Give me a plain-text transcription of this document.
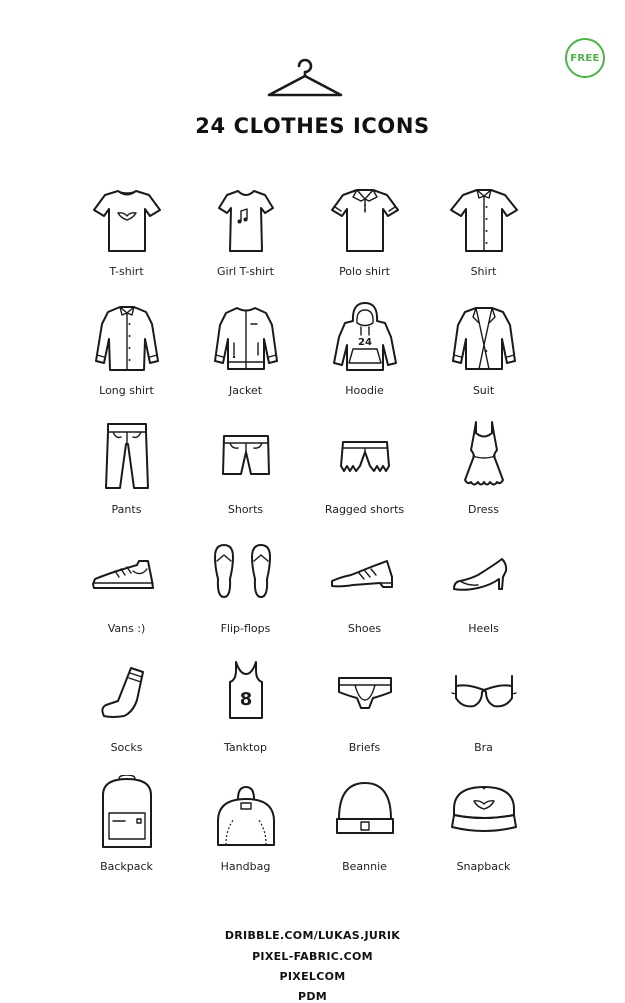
24 CLOTHES ICONS
FREE
T-shirt	Girl T-shirt	Polo shirt	Shirt
Long shirt	Jacket
24
Hoodie	Suit
Pants	Shorts	Ragged shorts	Dress
Vans :)	Flip-flops	Shoes	Heels
Socks
8
Tanktop	Briefs	Bra
Backpack	Handbag	Beannie	Snapback
DRIBBLE.COM/LUKAS.JURIK
PIXEL-FABRIC.COM
PIXELCOM
PDM
